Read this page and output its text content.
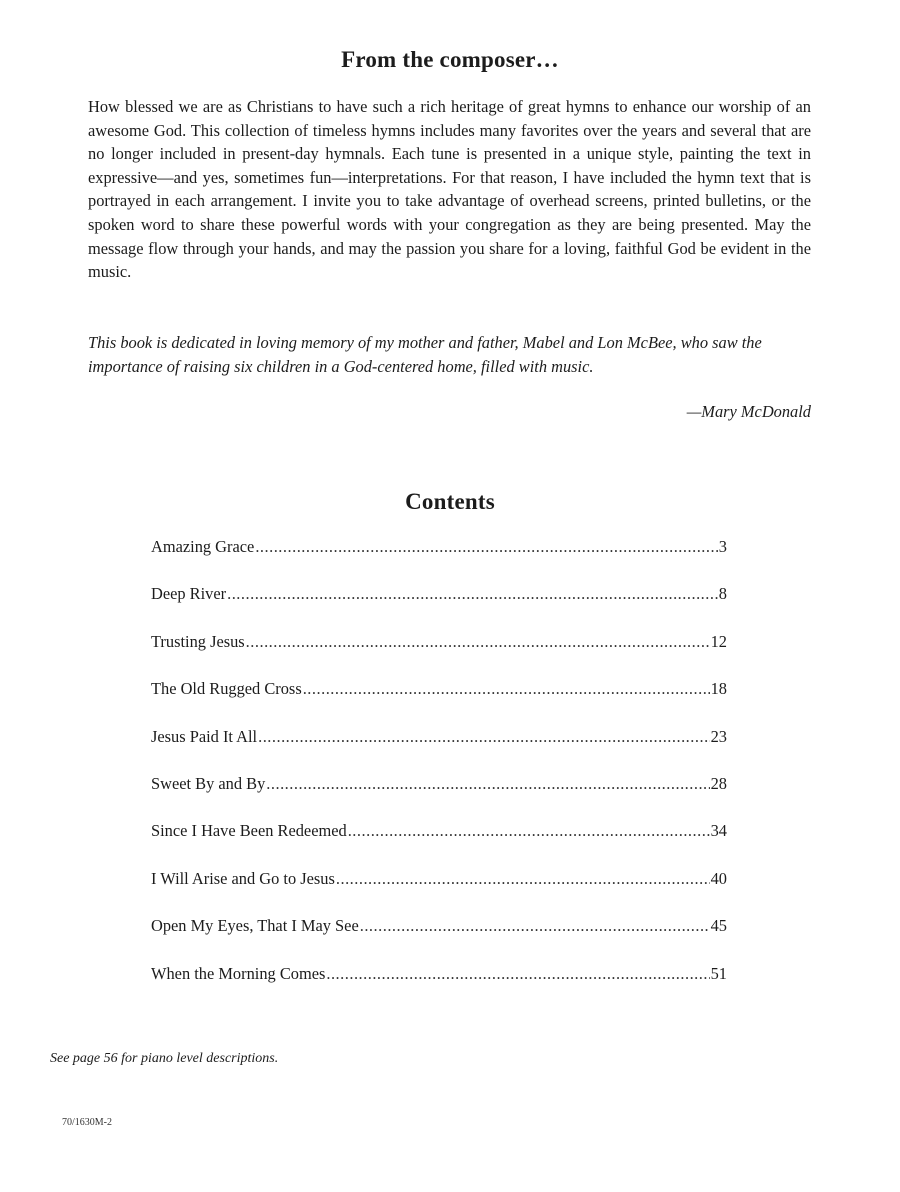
From the composer…

How blessed we are as Christians to have such a rich heritage of great hymns to enhance our worship of an awesome God. This collection of timeless hymns includes many favorites over the years and several that are no longer included in present-day hymnals. Each tune is presented in a unique style, painting the text in expressive—and yes, sometimes fun—interpretations. For that reason, I have included the hymn text that is portrayed in each arrangement. I invite you to take advantage of overhead screens, printed bulletins, or the spoken word to share these powerful words with your congregation as they are being presented. May the message flow through your hands, and may the passion you share for a loving, faithful God be evident in the music.

This book is dedicated in loving memory of my mother and father, Mabel and Lon McBee, who saw the importance of raising six children in a God-centered home, filled with music.

—Mary McDonald
Contents
Amazing Grace .....	3
Deep River .....	8
Trusting Jesus .....	12
The Old Rugged Cross .....	18
Jesus Paid It All .....	23
Sweet By and By .....	28
Since I Have Been Redeemed .....	34
I Will Arise and Go to Jesus .....	40
Open My Eyes, That I May See .....	45
When the Morning Comes .....	51
See page 56 for piano level descriptions.
70/1630M-2
